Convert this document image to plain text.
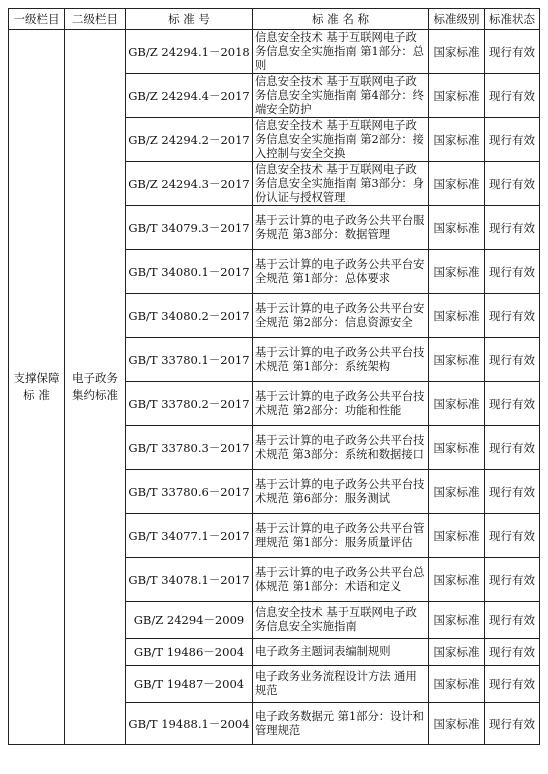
一级栏目	二级栏目	标 准 号	标 准 名 称	标准级别	标准状态
支撑保障标 准	电子政务集约标准	GB/Z 24294.1－2018	信息安全技术 基于互联网电子政务信息安全实施指南 第1部分：总则	国家标准	现行有效
		GB/Z 24294.4－2017	信息安全技术 基于互联网电子政务信息安全实施指南 第4部分：终端安全防护	国家标准	现行有效
		GB/Z 24294.2－2017	信息安全技术 基于互联网电子政务信息安全实施指南 第2部分：接入控制与安全交换	国家标准	现行有效
		GB/Z 24294.3－2017	信息安全技术 基于互联网电子政务信息安全实施指南 第3部分：身份认证与授权管理	国家标准	现行有效
		GB/T 34079.3－2017	基于云计算的电子政务公共平台服务规范 第3部分：数据管理	国家标准	现行有效
		GB/T 34080.1－2017	基于云计算的电子政务公共平台安全规范 第1部分：总体要求	国家标准	现行有效
		GB/T 34080.2－2017	基于云计算的电子政务公共平台安全规范 第2部分：信息资源安全	国家标准	现行有效
		GB/T 33780.1－2017	基于云计算的电子政务公共平台技术规范 第1部分：系统架构	国家标准	现行有效
		GB/T 33780.2－2017	基于云计算的电子政务公共平台技术规范 第2部分：功能和性能	国家标准	现行有效
		GB/T 33780.3－2017	基于云计算的电子政务公共平台技术规范 第3部分：系统和数据接口	国家标准	现行有效
		GB/T 33780.6－2017	基于云计算的电子政务公共平台技术规范 第6部分：服务测试	国家标准	现行有效
		GB/T 34077.1－2017	基于云计算的电子政务公共平台管理规范 第1部分：服务质量评估	国家标准	现行有效
		GB/T 34078.1－2017	基于云计算的电子政务公共平台总体规范 第1部分：术语和定义	国家标准	现行有效
		GB/Z 24294－2009	信息安全技术 基于互联网电子政务信息安全实施指南	国家标准	现行有效
		GB/T 19486－2004	电子政务主题词表编制规则	国家标准	现行有效
		GB/T 19487－2004	电子政务业务流程设计方法 通用规范	国家标准	现行有效
		GB/T 19488.1－2004	电子政务数据元 第1部分：设计和管理规范	国家标准	现行有效
